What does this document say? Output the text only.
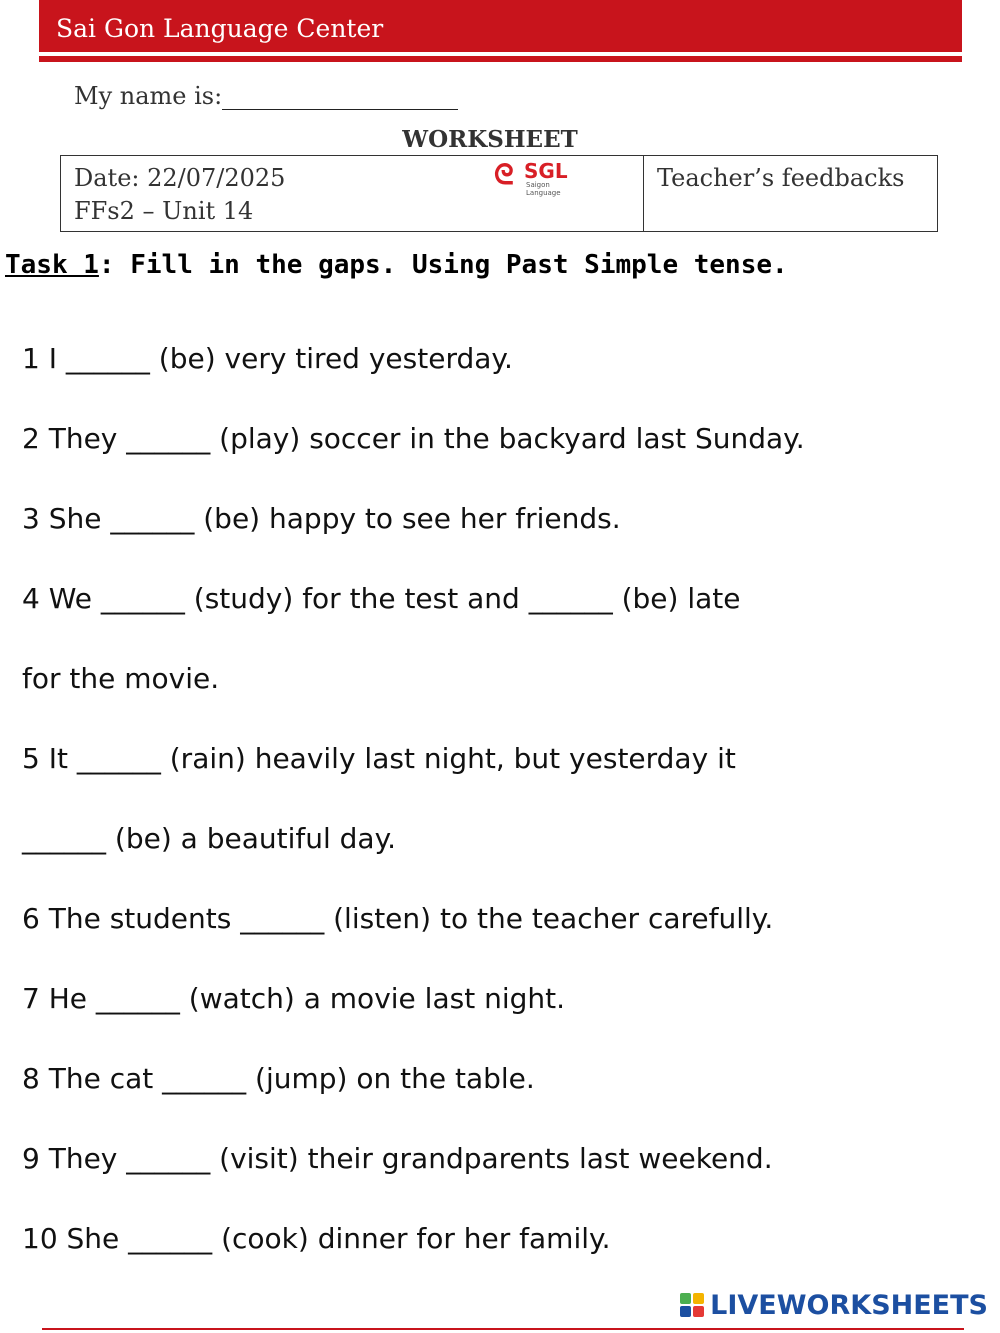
Sai Gon Language Center
My name is:
WORKSHEET
Date: 22/07/2025
FFs2 – Unit 14
ᘓ SGL
Saigon Language
Teacher’s feedbacks
Task 1: Fill in the gaps. Using Past Simple tense.
1 I ______ (be) very tired yesterday.
2 They ______ (play) soccer in the backyard last Sunday.
3 She ______ (be) happy to see her friends.
4 We ______ (study) for the test and ______ (be) late
for the movie.
5 It ______ (rain) heavily last night, but yesterday it
______ (be) a beautiful day.
6 The students ______ (listen) to the teacher carefully.
7 He ______ (watch) a movie last night.
8 The cat ______ (jump) on the table.
9 They ______ (visit) their grandparents last weekend.
10 She ______ (cook) dinner for her family.
LIVEWORKSHEETS
